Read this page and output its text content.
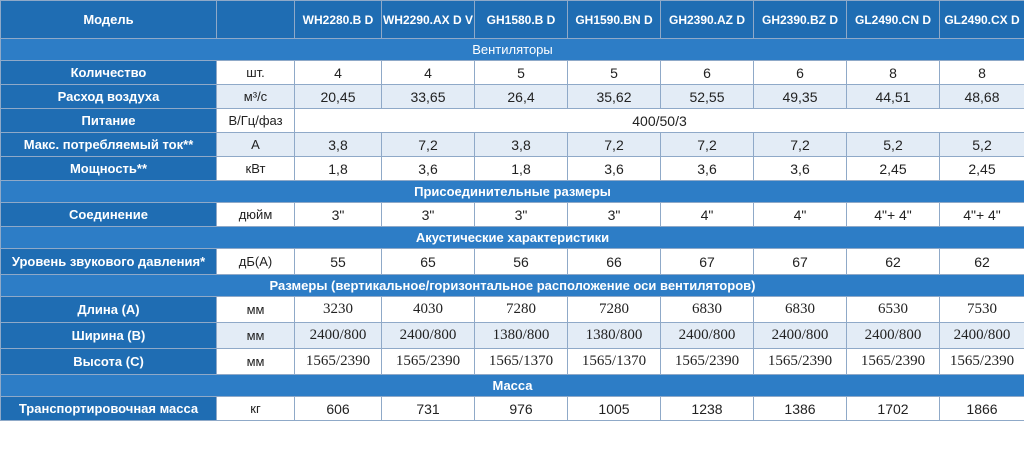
Модель		WH2280.B D	WH2290.AX D V	GH1580.B D	GH1590.BN D	GH2390.AZ D	GH2390.BZ D	GL2490.CN D	GL2490.CX D
Вентиляторы									
Количество	шт.	4	4	5	5	6	6	8	8
Расход воздуха	м³/с	20,45	33,65	26,4	35,62	52,55	49,35	44,51	48,68
Питание	В/Гц/фаз	400/50/3							
Макс. потребляемый ток**	А	3,8	7,2	3,8	7,2	7,2	7,2	5,2	5,2
Мощность**	кВт	1,8	3,6	1,8	3,6	3,6	3,6	2,45	2,45
Присоединительные размеры									
Соединение	дюйм	3"	3"	3"	3"	4"	4"	4"+ 4"	4"+ 4"
Акустические характеристики									
Уровень звукового давления*	дБ(А)	55	65	56	66	67	67	62	62
Размеры (вертикальное/горизонтальное расположение оси вентиляторов)									
Длина (А)	мм	3230	4030	7280	7280	6830	6830	6530	7530
Ширина (В)	мм	2400/800	2400/800	1380/800	1380/800	2400/800	2400/800	2400/800	2400/800
Высота (С)	мм	1565/2390	1565/2390	1565/1370	1565/1370	1565/2390	1565/2390	1565/2390	1565/2390
Масса									
Транспортировочная масса	кг	606	731	976	1005	1238	1386	1702	1866
